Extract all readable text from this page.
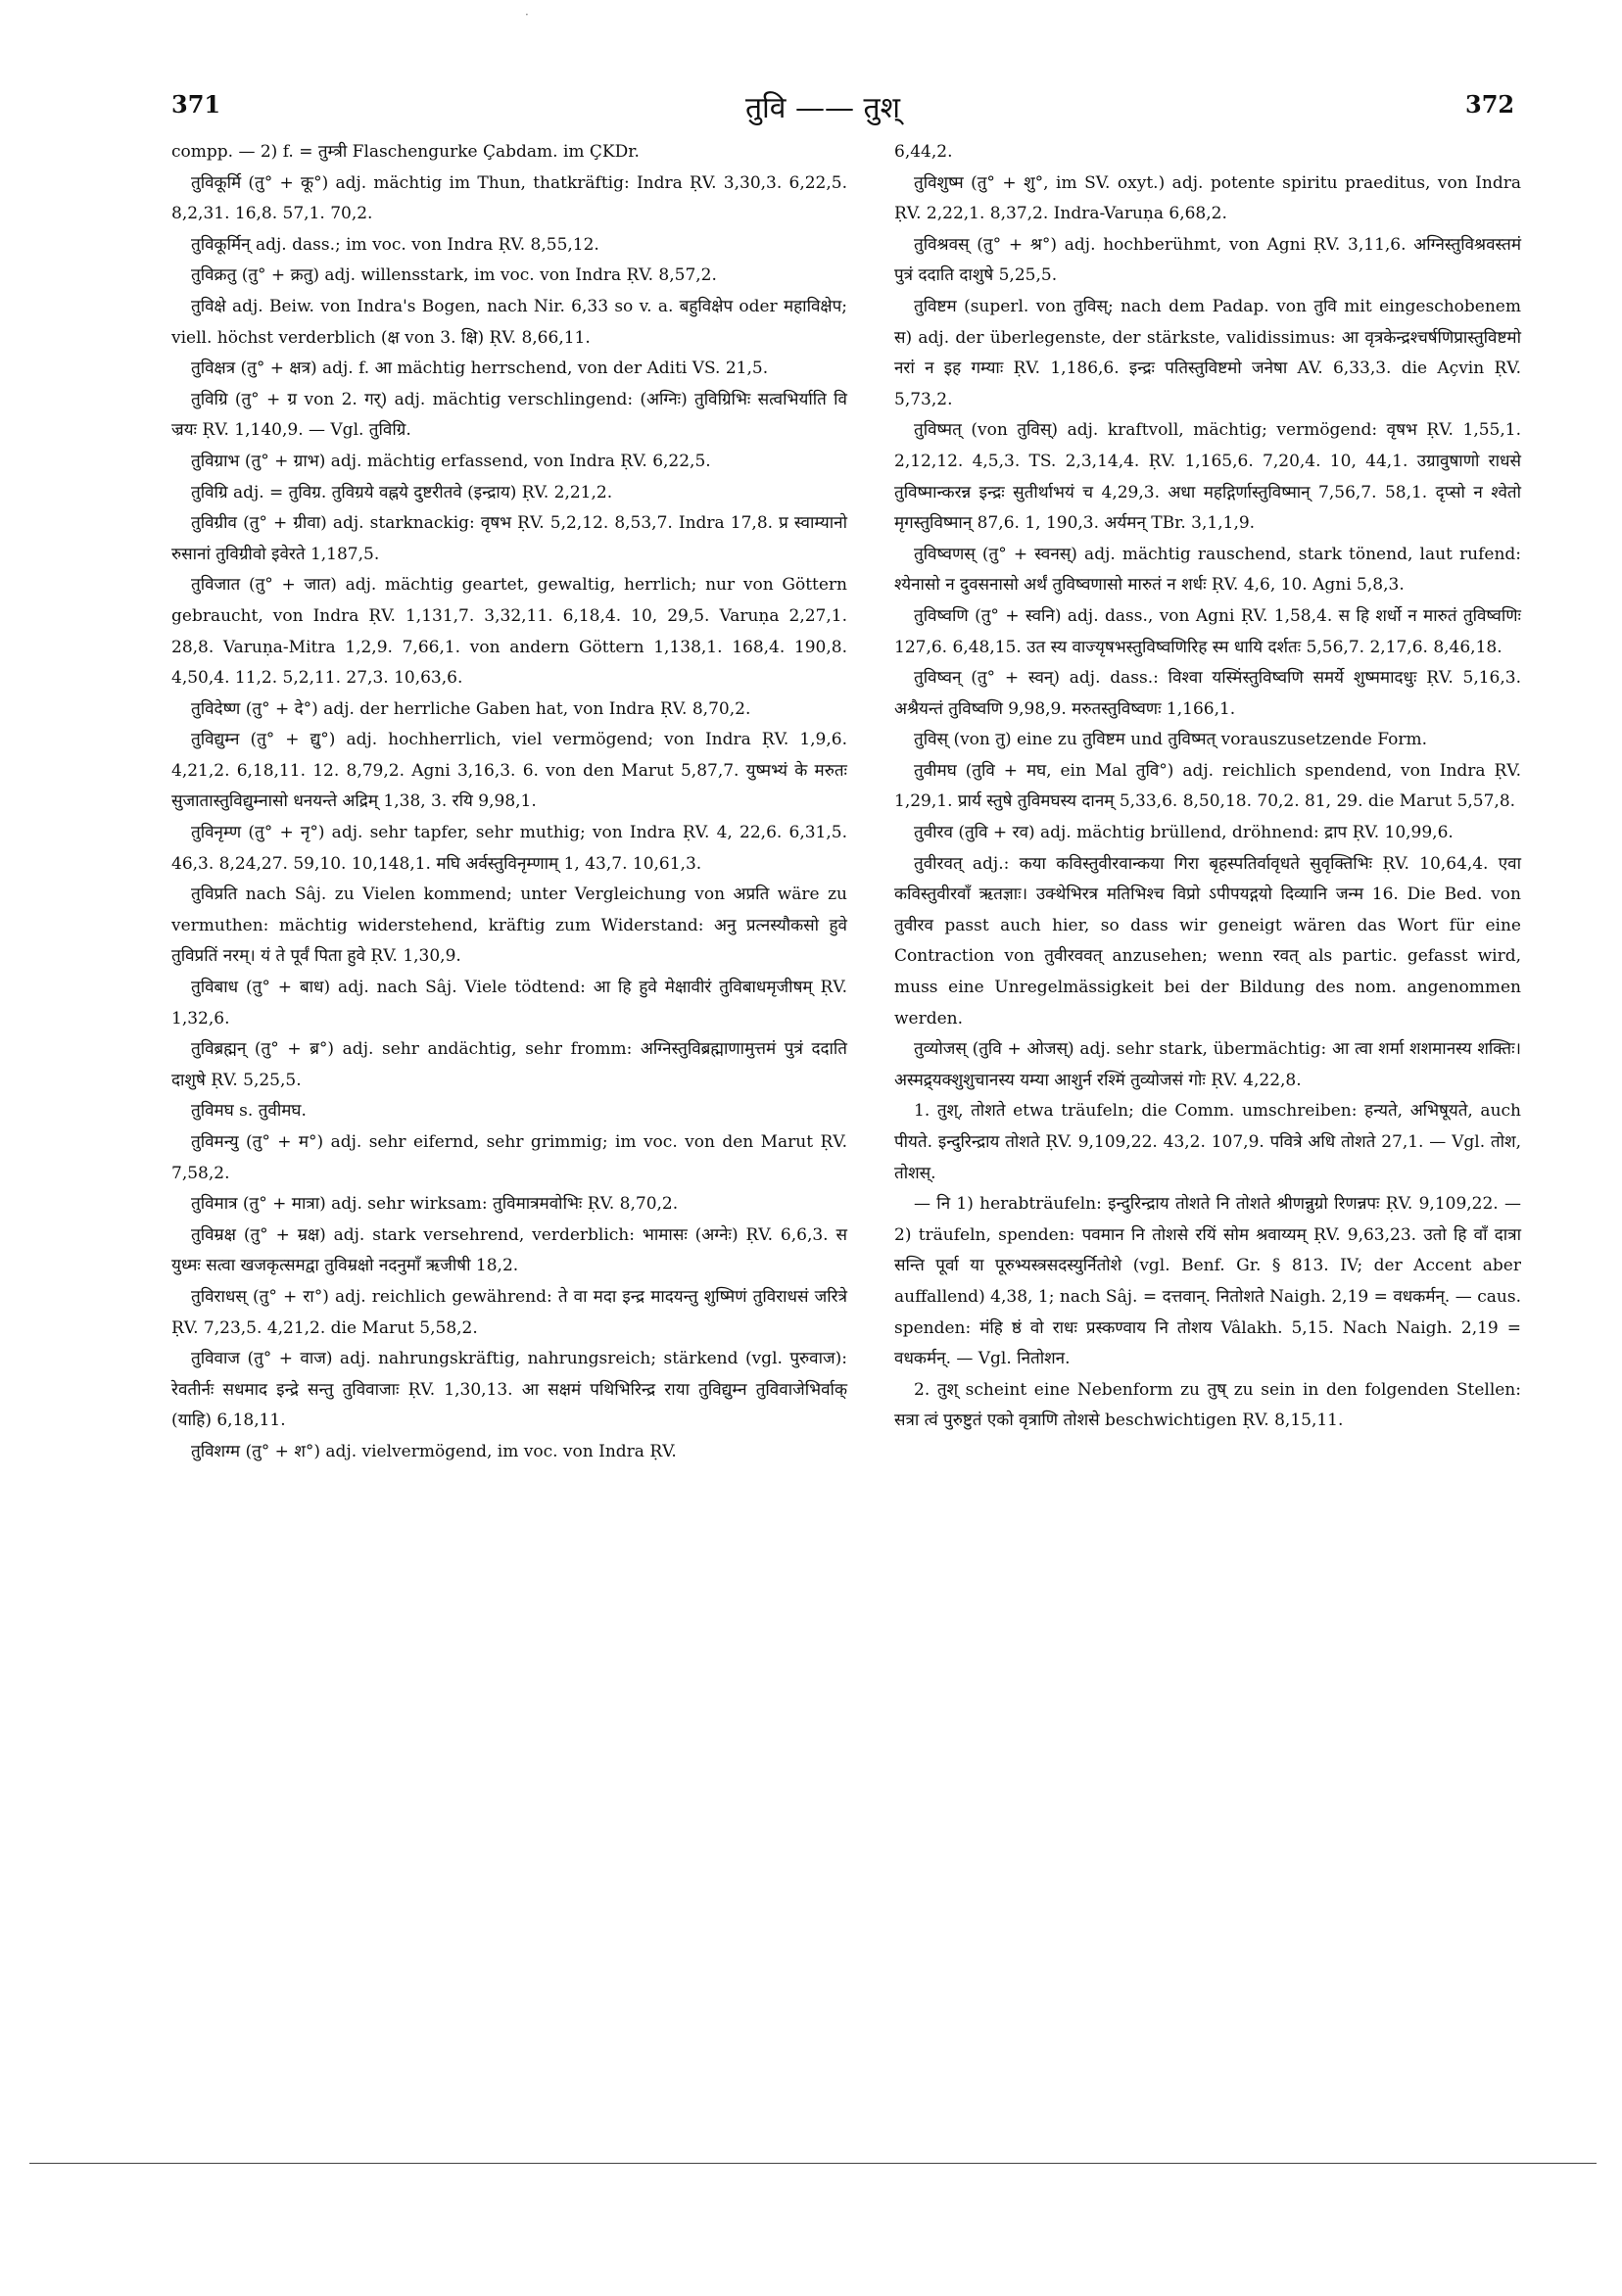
·
371	तुवि —— तुश्	372

compp. — 2) f. = तुम्त्री Flaschengurke Çabdam. im ÇKDr.

तुविकूर्मि (तु° + कू°) adj. mächtig im Thun, thatkräftig: Indra ṚV. 3,30,3. 6,22,5. 8,2,31. 16,8. 57,1. 70,2.

तुविकूर्मिन् adj. dass.; im voc. von Indra ṚV. 8,55,12.

तुविक्रतु (तु° + क्रतु) adj. willensstark, im voc. von Indra ṚV. 8,57,2.

तुविक्षे adj. Beiw. von Indra's Bogen, nach Nir. 6,33 so v. a. बहुविक्षेप oder महाविक्षेप; viell. höchst verderblich (क्ष von 3. क्षि) ṚV. 8,66,11.

तुविक्षत्र (तु° + क्षत्र) adj. f. आ mächtig herrschend, von der Aditi VS. 21,5.

तुविग्रि (तु° + ग्र von 2. गर्) adj. mächtig verschlingend: (अग्निः) तुविग्रिभिः सत्वभिर्याति वि ज्रयः ṚV. 1,140,9. — Vgl. तुविग्रि.

तुविग्राभ (तु° + ग्राभ) adj. mächtig erfassend, von Indra ṚV. 6,22,5.

तुविग्रि adj. = तुविग्र. तुविग्रये वह्नये दुष्टरीतवे (इन्द्राय) ṚV. 2,21,2.

तुविग्रीव (तु° + ग्रीवा) adj. starknackig: वृषभ ṚV. 5,2,12. 8,53,7. Indra 17,8. प्र स्वाम्यानो रुसानां तुविग्रीवो इवेरते 1,187,5.

तुविजात (तु° + जात) adj. mächtig geartet, gewaltig, herrlich; nur von Göttern gebraucht, von Indra ṚV. 1,131,7. 3,32,11. 6,18,4. 10, 29,5. Varuṇa 2,27,1. 28,8. Varuṇa-Mitra 1,2,9. 7,66,1. von andern Göttern 1,138,1. 168,4. 190,8. 4,50,4. 11,2. 5,2,11. 27,3. 10,63,6.

तुविदेष्ण (तु° + दे°) adj. der herrliche Gaben hat, von Indra ṚV. 8,70,2.

तुविद्युम्न (तु° + द्यु°) adj. hochherrlich, viel vermögend; von Indra ṚV. 1,9,6. 4,21,2. 6,18,11. 12. 8,79,2. Agni 3,16,3. 6. von den Marut 5,87,7. युष्मभ्यं के मरुतः सुजातास्तुविद्युम्नासो धनयन्ते अद्रिम् 1,38, 3. रयि 9,98,1.

तुविनृम्ण (तु° + नृ°) adj. sehr tapfer, sehr muthig; von Indra ṚV. 4, 22,6. 6,31,5. 46,3. 8,24,27. 59,10. 10,148,1. मघि अर्वस्तुविनृम्णाम् 1, 43,7. 10,61,3.

तुविप्रति nach Sâj. zu Vielen kommend; unter Vergleichung von अप्रति wäre zu vermuthen: mächtig widerstehend, kräftig zum Widerstand: अनु प्रत्नस्यौकसो हुवे तुविप्रतिं नरम्। यं ते पूर्वं पिता हुवे ṚV. 1,30,9.

तुविबाध (तु° + बाध) adj. nach Sâj. Viele tödtend: आ हि हुवे मेक्षावीरं तुविबाधमृजीषम् ṚV. 1,32,6.

तुविब्रह्मन् (तु° + ब्र°) adj. sehr andächtig, sehr fromm: अग्निस्तुविब्रह्माणामुत्तमं पुत्रं ददाति दाशुषे ṚV. 5,25,5.

तुविमघ s. तुवीमघ.

तुविमन्यु (तु° + म°) adj. sehr eifernd, sehr grimmig; im voc. von den Marut ṚV. 7,58,2.

तुविमात्र (तु° + मात्रा) adj. sehr wirksam: तुविमात्रमवोभिः ṚV. 8,70,2.

तुविम्रक्ष (तु° + म्रक्ष) adj. stark versehrend, verderblich: भामासः (अग्नेः) ṚV. 6,6,3. स युध्मः सत्वा खजकृत्समद्वा तुविम्रक्षो नदनुमाँ ऋजीषी 18,2.

तुविराधस् (तु° + रा°) adj. reichlich gewährend: ते वा मदा इन्द्र मादयन्तु शुष्मिणं तुविराधसं जरित्रे ṚV. 7,23,5. 4,21,2. die Marut 5,58,2.

तुविवाज (तु° + वाज) adj. nahrungskräftig, nahrungsreich; stärkend (vgl. पुरुवाज): रेवतीर्नः सधमाद इन्द्रे सन्तु तुविवाजाः ṚV. 1,30,13. आ सक्षमं पथिभिरिन्द्र राया तुविद्युम्न तुविवाजेभिर्वाक् (याहि) 6,18,11.

तुविशग्म (तु° + श°) adj. vielvermögend, im voc. von Indra ṚV.

6,44,2.

तुविशुष्म (तु° + शु°, im SV. oxyt.) adj. potente spiritu praeditus, von Indra ṚV. 2,22,1. 8,37,2. Indra-Varuṇa 6,68,2.

तुविश्रवस् (तु° + श्र°) adj. hochberühmt, von Agni ṚV. 3,11,6. अग्निस्तुविश्रवस्तमं पुत्रं ददाति दाशुषे 5,25,5.

तुविष्टम (superl. von तुविस्; nach dem Padap. von तुवि mit eingeschobenem स) adj. der überlegenste, der stärkste, validissimus: आ वृत्रकेन्द्रश्चर्षणिप्रास्तुविष्टमो नरां न इह गम्याः ṚV. 1,186,6. इन्द्रः पतिस्तुविष्टमो जनेषा AV. 6,33,3. die Açvin ṚV. 5,73,2.

तुविष्मत् (von तुविस्) adj. kraftvoll, mächtig; vermögend: वृषभ ṚV. 1,55,1. 2,12,12. 4,5,3. TS. 2,3,14,4. ṚV. 1,165,6. 7,20,4. 10, 44,1. उग्रावुषाणो राधसे तुविष्मान्करन्न इन्द्रः सुतीर्थाभयं च 4,29,3. अधा महद्गिर्णास्तुविष्मान् 7,56,7. 58,1. दृप्सो न श्वेतो मृगस्तुविष्मान् 87,6. 1, 190,3. अर्यमन् TBr. 3,1,1,9.

तुविष्वणस् (तु° + स्वनस्) adj. mächtig rauschend, stark tönend, laut rufend: श्येनासो न दुवसनासो अर्थं तुविष्वणासो मारुतं न शर्धः ṚV. 4,6, 10. Agni 5,8,3.

तुविष्वणि (तु° + स्वनि) adj. dass., von Agni ṚV. 1,58,4. स हि शर्धो न मारुतं तुविष्वणिः 127,6. 6,48,15. उत स्य वाज्यृषभस्तुविष्वणिरिह स्म धायि दर्शतः 5,56,7. 2,17,6. 8,46,18.

तुविष्वन् (तु° + स्वन्) adj. dass.: विश्वा यस्मिंस्तुविष्वणि समर्ये शुष्ममादधुः ṚV. 5,16,3. अश्रैयन्तं तुविष्वणि 9,98,9. मरुतस्तुविष्वणः 1,166,1.

तुविस् (von तु) eine zu तुविष्टम und तुविष्मत् vorauszusetzende Form.

तुवीमघ (तुवि + मघ, ein Mal तुवि°) adj. reichlich spendend, von Indra ṚV. 1,29,1. प्रार्य स्तुषे तुविमघस्य दानम् 5,33,6. 8,50,18. 70,2. 81, 29. die Marut 5,57,8.

तुवीरव (तुवि + रव) adj. mächtig brüllend, dröhnend: द्राप ṚV. 10,99,6.

तुवीरवत् adj.: कया कविस्तुवीरवान्कया गिरा बृहस्पतिर्वावृधते सुवृक्तिभिः ṚV. 10,64,4. एवा कविस्तुवीरवाँ ऋतज्ञाः। उक्थेभिरत्र मतिभिश्च विप्रो ऽपीपयद्गयो दिव्यानि जन्म 16. Die Bed. von तुवीरव passt auch hier, so dass wir geneigt wären das Wort für eine Contraction von तुवीरववत् anzusehen; wenn रवत् als partic. gefasst wird, muss eine Unregelmässigkeit bei der Bildung des nom. angenommen werden.

तुव्योजस् (तुवि + ओजस्) adj. sehr stark, übermächtig: आ त्वा शर्मा शशमानस्य शक्तिः। अस्मद्र्यक्शुशुचानस्य यम्या आशुर्न रश्मिं तुव्योजसं गोः ṚV. 4,22,8.

1. तुश्, तोशते etwa träufeln; die Comm. umschreiben: हन्यते, अभिषूयते, auch पीयते. इन्दुरिन्द्राय तोशते ṚV. 9,109,22. 43,2. 107,9. पवित्रे अधि तोशते 27,1. — Vgl. तोश, तोशस्.

— नि 1) herabträufeln: इन्दुरिन्द्राय तोशते नि तोशते श्रीणन्नुग्रो रिणन्नपः ṚV. 9,109,22. — 2) träufeln, spenden: पवमान नि तोशसे रयिं सोम श्रवाय्यम् ṚV. 9,63,23. उतो हि वाँ दात्रा सन्ति पूर्वा या पूरुभ्यस्त्रसदस्युर्नितोशे (vgl. Benf. Gr. § 813. IV; der Accent aber auffallend) 4,38, 1; nach Sâj. = दत्तवान्. नितोशते Naigh. 2,19 = वधकर्मन्. — caus. spenden: मंहि ष्ठं वो राधः प्रस्कण्वाय नि तोशय Vâlakh. 5,15. Nach Naigh. 2,19 = वधकर्मन्. — Vgl. नितोशन.

2. तुश् scheint eine Nebenform zu तुष् zu sein in den folgenden Stellen: सत्रा त्वं पुरुष्टुतं एको वृत्राणि तोशसे beschwichtigen ṚV. 8,15,11.
